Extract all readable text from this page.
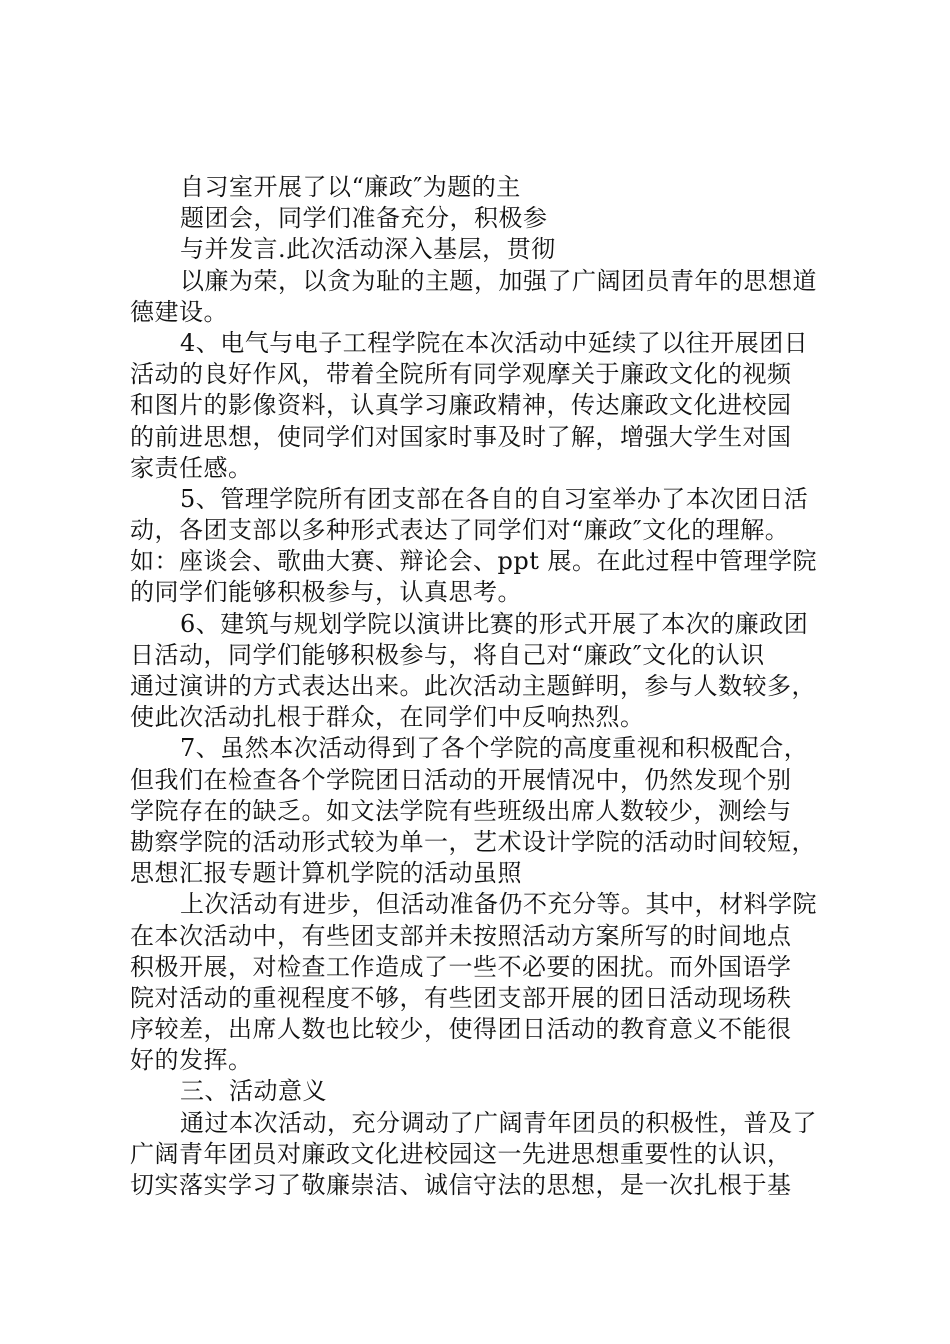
自习室开展了以“廉政″为题的主
题团会，同学们准备充分，积极参
与并发言.此次活动深入基层，贯彻
以廉为荣，以贪为耻的主题，加强了广阔团员青年的思想道
德建设。
4、电气与电子工程学院在本次活动中延续了以往开展团日
活动的良好作风，带着全院所有同学观摩关于廉政文化的视频
和图片的影像资料，认真学习廉政精神，传达廉政文化进校园
的前进思想，使同学们对国家时事及时了解，增强大学生对国
家责任感。
5、管理学院所有团支部在各自的自习室举办了本次团日活
动，各团支部以多种形式表达了同学们对“廉政″文化的理解。
如：座谈会、歌曲大赛、辩论会、ppt 展。在此过程中管理学院
的同学们能够积极参与，认真思考。
6、建筑与规划学院以演讲比赛的形式开展了本次的廉政团
日活动，同学们能够积极参与，将自己对“廉政″文化的认识
通过演讲的方式表达出来。此次活动主题鲜明，参与人数较多，
使此次活动扎根于群众，在同学们中反响热烈。
7、虽然本次活动得到了各个学院的高度重视和积极配合，
但我们在检查各个学院团日活动的开展情况中，仍然发现个别
学院存在的缺乏。如文法学院有些班级出席人数较少，测绘与
勘察学院的活动形式较为单一，艺术设计学院的活动时间较短，
思想汇报专题计算机学院的活动虽照
上次活动有进步，但活动准备仍不充分等。其中，材料学院
在本次活动中，有些团支部并未按照活动方案所写的时间地点
积极开展，对检查工作造成了一些不必要的困扰。而外国语学
院对活动的重视程度不够，有些团支部开展的团日活动现场秩
序较差，出席人数也比较少，使得团日活动的教育意义不能很
好的发挥。
三、活动意义
通过本次活动，充分调动了广阔青年团员的积极性，普及了
广阔青年团员对廉政文化进校园这一先进思想重要性的认识，
切实落实学习了敬廉崇洁、诚信守法的思想，是一次扎根于基
